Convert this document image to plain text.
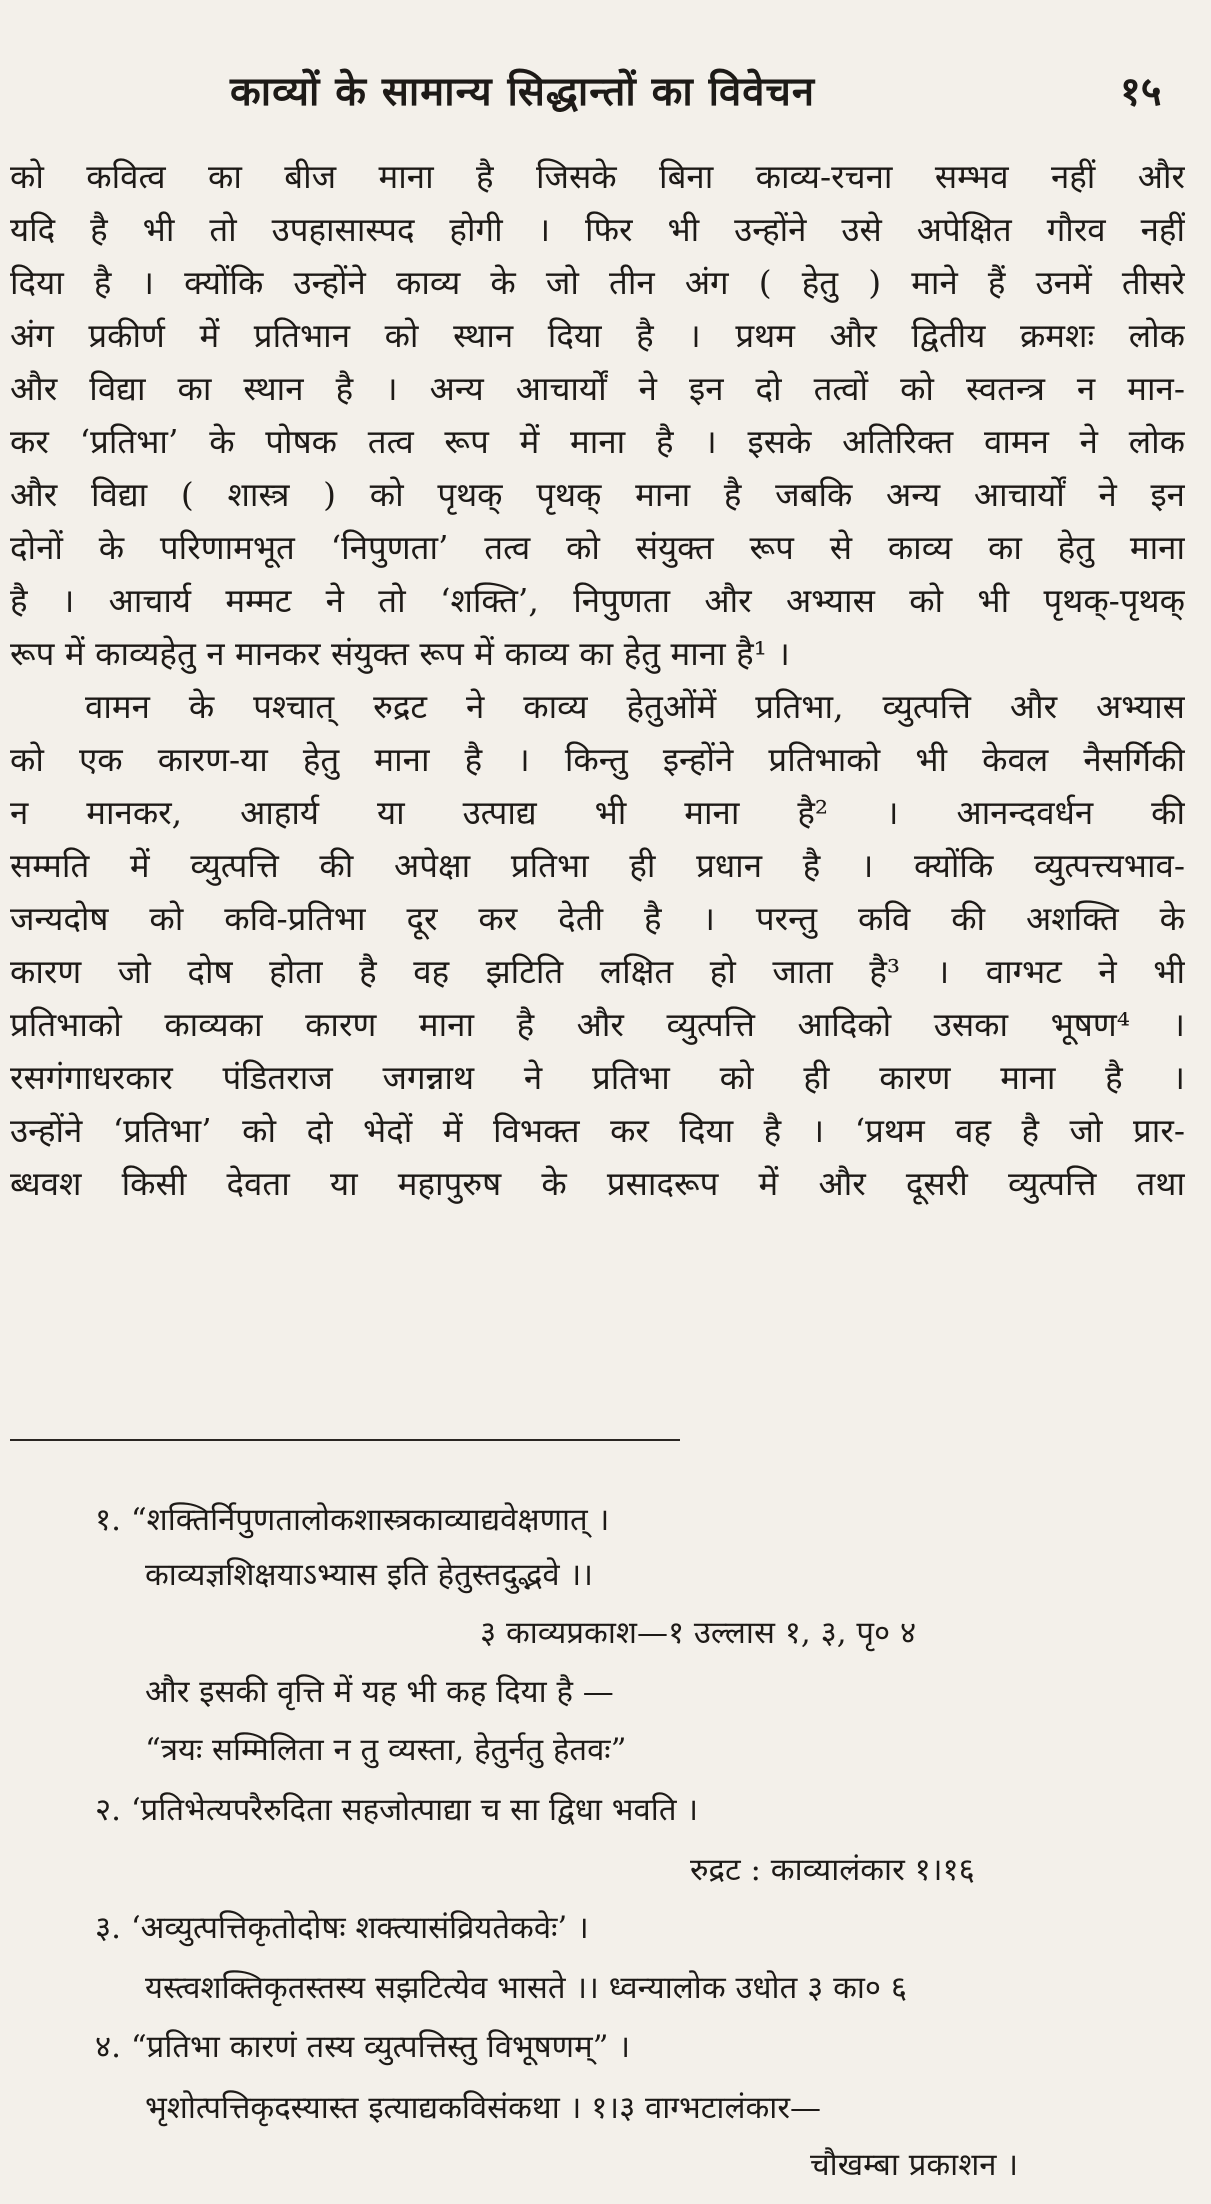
काव्यों के सामान्य सिद्धान्तों का विवेचन	१५
को कवित्व का बीज माना है जिसके बिना काव्य-रचना सम्भव नहीं और
यदि है भी तो उपहासास्पद होगी । फिर भी उन्होंने उसे अपेक्षित गौरव नहीं
दिया है । क्योंकि उन्होंने काव्य के जो तीन अंग ( हेतु ) माने हैं उनमें तीसरे
अंग प्रकीर्ण में प्रतिभान को स्थान दिया है । प्रथम और द्वितीय क्रमशः लोक
और विद्या का स्थान है । अन्य आचार्यों ने इन दो तत्वों को स्वतन्त्र न मान-
कर ‘प्रतिभा’ के पोषक तत्व रूप में माना है । इसके अतिरिक्त वामन ने लोक
और विद्या ( शास्त्र ) को पृथक् पृथक् माना है जबकि अन्य आचार्यों ने इन
दोनों के परिणामभूत ‘निपुणता’ तत्व को संयुक्त रूप से काव्य का हेतु माना
है । आचार्य मम्मट ने तो ‘शक्ति’, निपुणता और अभ्यास को भी पृथक्-पृथक्
रूप में काव्यहेतु न मानकर संयुक्त रूप में काव्य का हेतु माना है¹ ।
वामन के पश्चात् रुद्रट ने काव्य हेतुओंमें प्रतिभा, व्युत्पत्ति और अभ्यास
को एक कारण-या हेतु माना है । किन्तु इन्होंने प्रतिभाको भी केवल नैसर्गिकी
न मानकर, आहार्य या उत्पाद्य भी माना है² । आनन्दवर्धन की
सम्मति में व्युत्पत्ति की अपेक्षा प्रतिभा ही प्रधान है । क्योंकि व्युत्पत्त्यभाव-
जन्यदोष को कवि-प्रतिभा दूर कर देती है । परन्तु कवि की अशक्ति के
कारण जो दोष होता है वह झटिति लक्षित हो जाता है³ । वाग्भट ने भी
प्रतिभाको काव्यका कारण माना है और व्युत्पत्ति आदिको उसका भूषण⁴ ।
रसगंगाधरकार पंडितराज जगन्नाथ ने प्रतिभा को ही कारण माना है ।
उन्होंने ‘प्रतिभा’ को दो भेदों में विभक्त कर दिया है । ‘प्रथम वह है जो प्रार-
ब्धवश किसी देवता या महापुरुष के प्रसादरूप में और दूसरी व्युत्पत्ति तथा
१. “शक्तिर्निपुणतालोकशास्त्रकाव्याद्यवेक्षणात् ।
काव्यज्ञशिक्षयाऽभ्यास इति हेतुस्तदुद्भवे ।।
३ काव्यप्रकाश—१ उल्लास १, ३, पृ० ४
और इसकी वृत्ति में यह भी कह दिया है —
“त्रयः सम्मिलिता न तु व्यस्ता, हेतुर्नतु हेतवः”
२. ‘प्रतिभेत्यपरैरुदिता सहजोत्पाद्या च सा द्विधा भवति ।
रुद्रट : काव्यालंकार १।१६
३. ‘अव्युत्पत्तिकृतोदोषः शक्त्यासंव्रियतेकवेः’ ।
यस्त्वशक्तिकृतस्तस्य सझटित्येव भासते ।। ध्वन्यालोक उधोत ३ का० ६
४. “प्रतिभा कारणं तस्य व्युत्पत्तिस्तु विभूषणम्” ।
भृशोत्पत्तिकृदस्यास्त इत्याद्यकविसंकथा । १।३ वाग्भटालंकार—
चौखम्बा प्रकाशन ।
